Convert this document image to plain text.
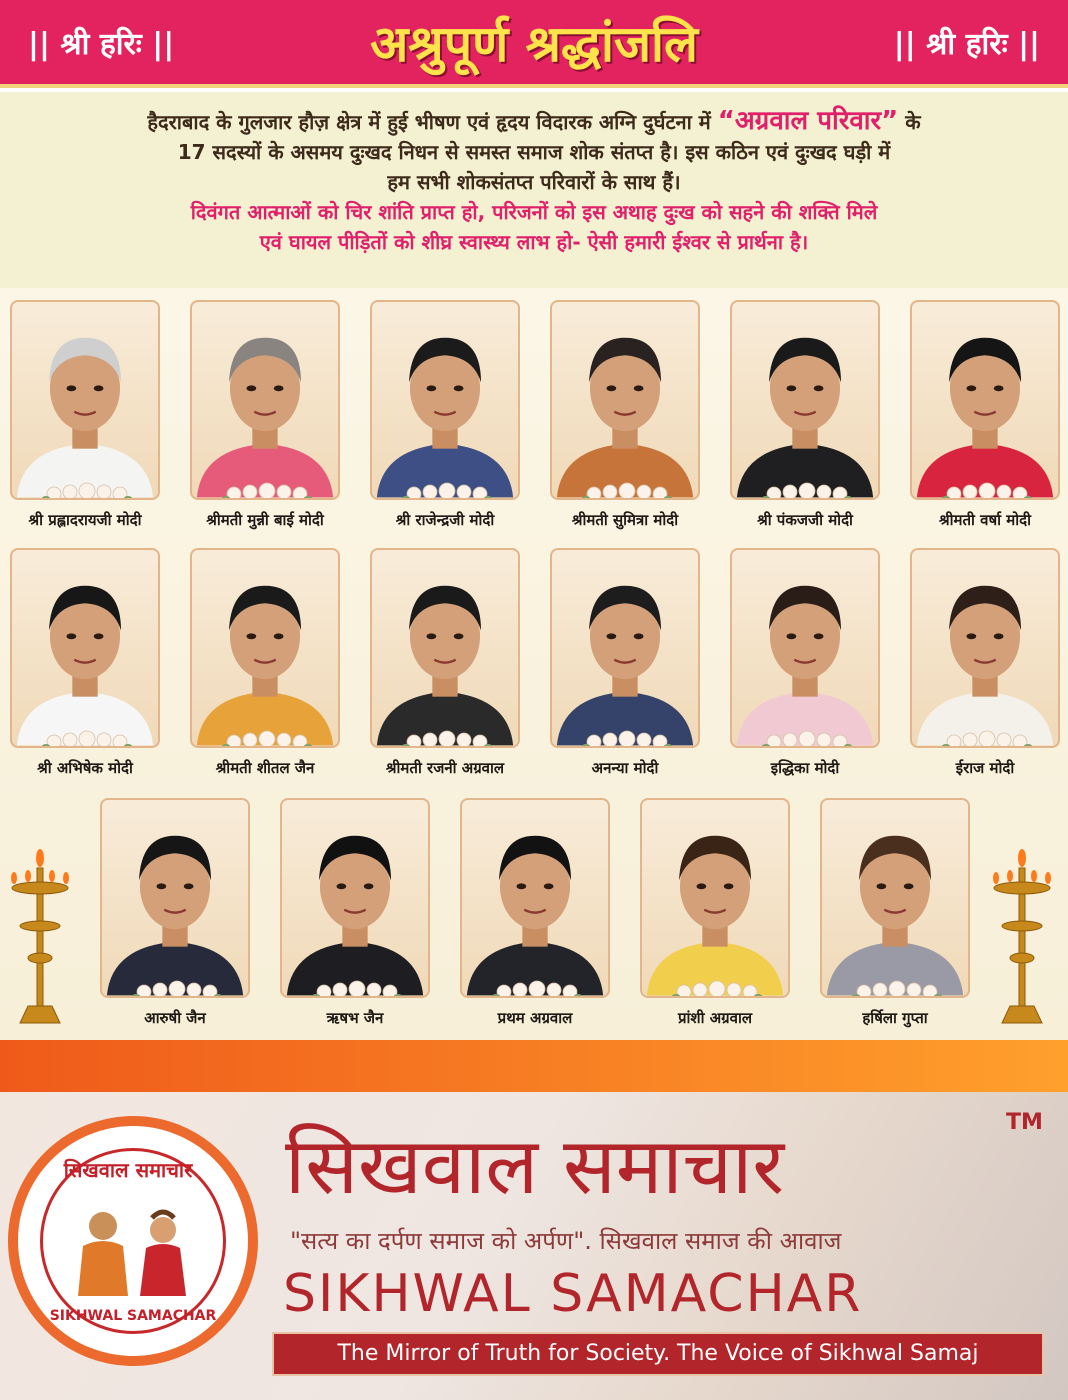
|| श्री हरिः ||	अश्रुपूर्ण श्रद्धांजलि	|| श्री हरिः ||

हैदराबाद के गुलजार हौज़ क्षेत्र में हुई भीषण एवं हृदय विदारक अग्नि दुर्घटना में “अग्रवाल परिवार” के

17 सदस्यों के असमय दुःखद निधन से समस्त समाज शोक संतप्त है। इस कठिन एवं दुःखद घड़ी में

हम सभी शोकसंतप्त परिवारों के साथ हैं।

दिवंगत आत्माओं को चिर शांति प्राप्त हो, परिजनों को इस अथाह दुःख को सहने की शक्ति मिले

एवं घायल पीड़ितों को शीघ्र स्वास्थ्य लाभ हो- ऐसी हमारी ईश्वर से प्रार्थना है।

श्री प्रह्लादरायजी मोदी	श्रीमती मुन्नी बाई मोदी	श्री राजेन्द्रजी मोदी	श्रीमती सुमित्रा मोदी	श्री पंकजजी मोदी	श्रीमती वर्षा मोदी
श्री अभिषेक मोदी	श्रीमती शीतल जैन	श्रीमती रजनी अग्रवाल	अनन्या मोदी	इद्धिका मोदी	ईराज मोदी
आरुषी जैन	ऋषभ जैन	प्रथम अग्रवाल	प्रांशी अग्रवाल	हर्षिला गुप्ता
सिखवाल समाचार
SIKHWAL SAMACHAR
सिखवाल समाचार	TM
"सत्य का दर्पण समाज को अर्पण". सिखवाल समाज की आवाज
SIKHWAL SAMACHAR
The Mirror of Truth for Society. The Voice of Sikhwal Samaj
